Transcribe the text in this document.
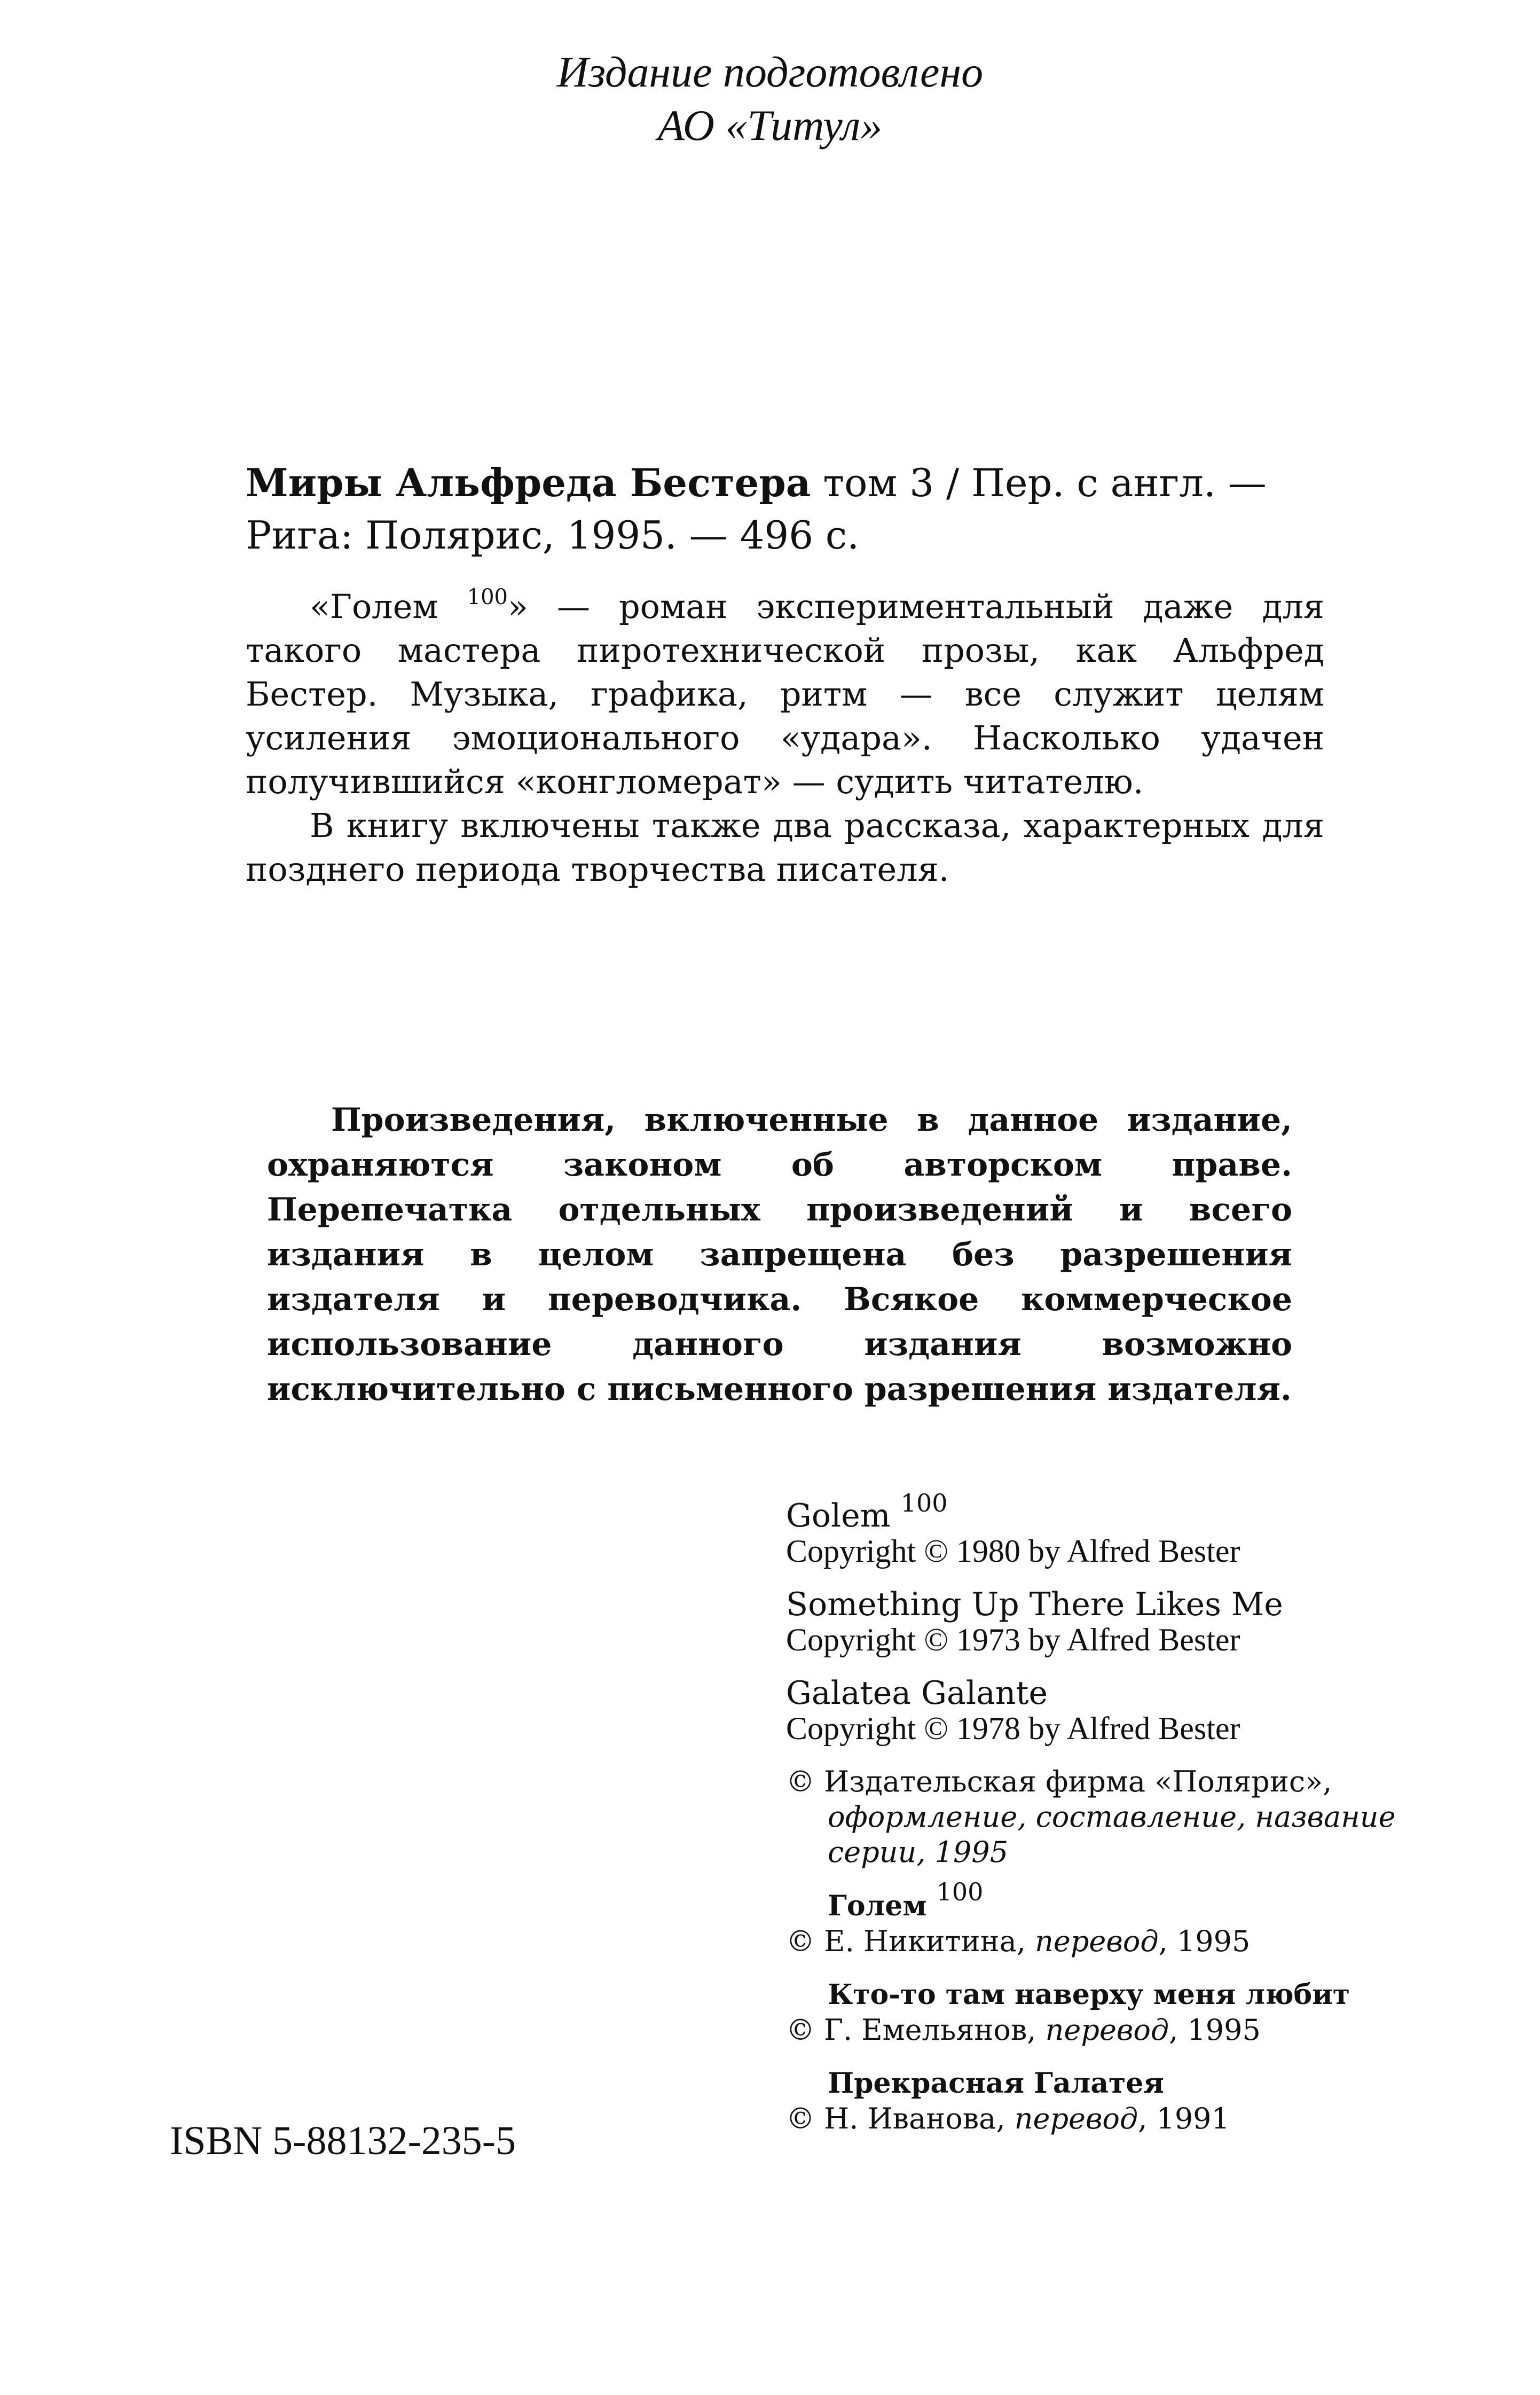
Издание подготовлено
АО «Титул»
Миры Альфреда Бестера том 3 / Пер. с англ. —
Рига: Полярис, 1995. — 496 с.

«Голем $^{100}$» — роман экспериментальный даже для такого мастера пиротехнической прозы, как Альфред Бестер. Музыка, графика, ритм — все служит целям усиления эмоционального «удара». Насколько удачен получившийся «конгломерат» — судить читателю.

В книгу включены также два рассказа, характерных для позднего периода творчества писателя.

Произведения, включенные в данное издание, охраняются законом об авторском праве. Перепечатка отдельных произведений и всего издания в целом запрещена без разрешения издателя и переводчика. Всякое коммерческое использование данного издания возможно исключительно с письменного разрешения издателя.
Golem $^{100}$
Copyright © 1980 by Alfred Bester
Something Up There Likes Me
Copyright © 1973 by Alfred Bester
Galatea Galante
Copyright © 1978 by Alfred Bester
© Издательская фирма «Полярис»,
оформление, составление, название
серии, 1995
Голем $^{100}$
© Е. Никитина, перевод, 1995
Кто-то там наверху меня любит
© Г. Емельянов, перевод, 1995
Прекрасная Галатея
© Н. Иванова, перевод, 1991
ISBN 5-88132-235-5
